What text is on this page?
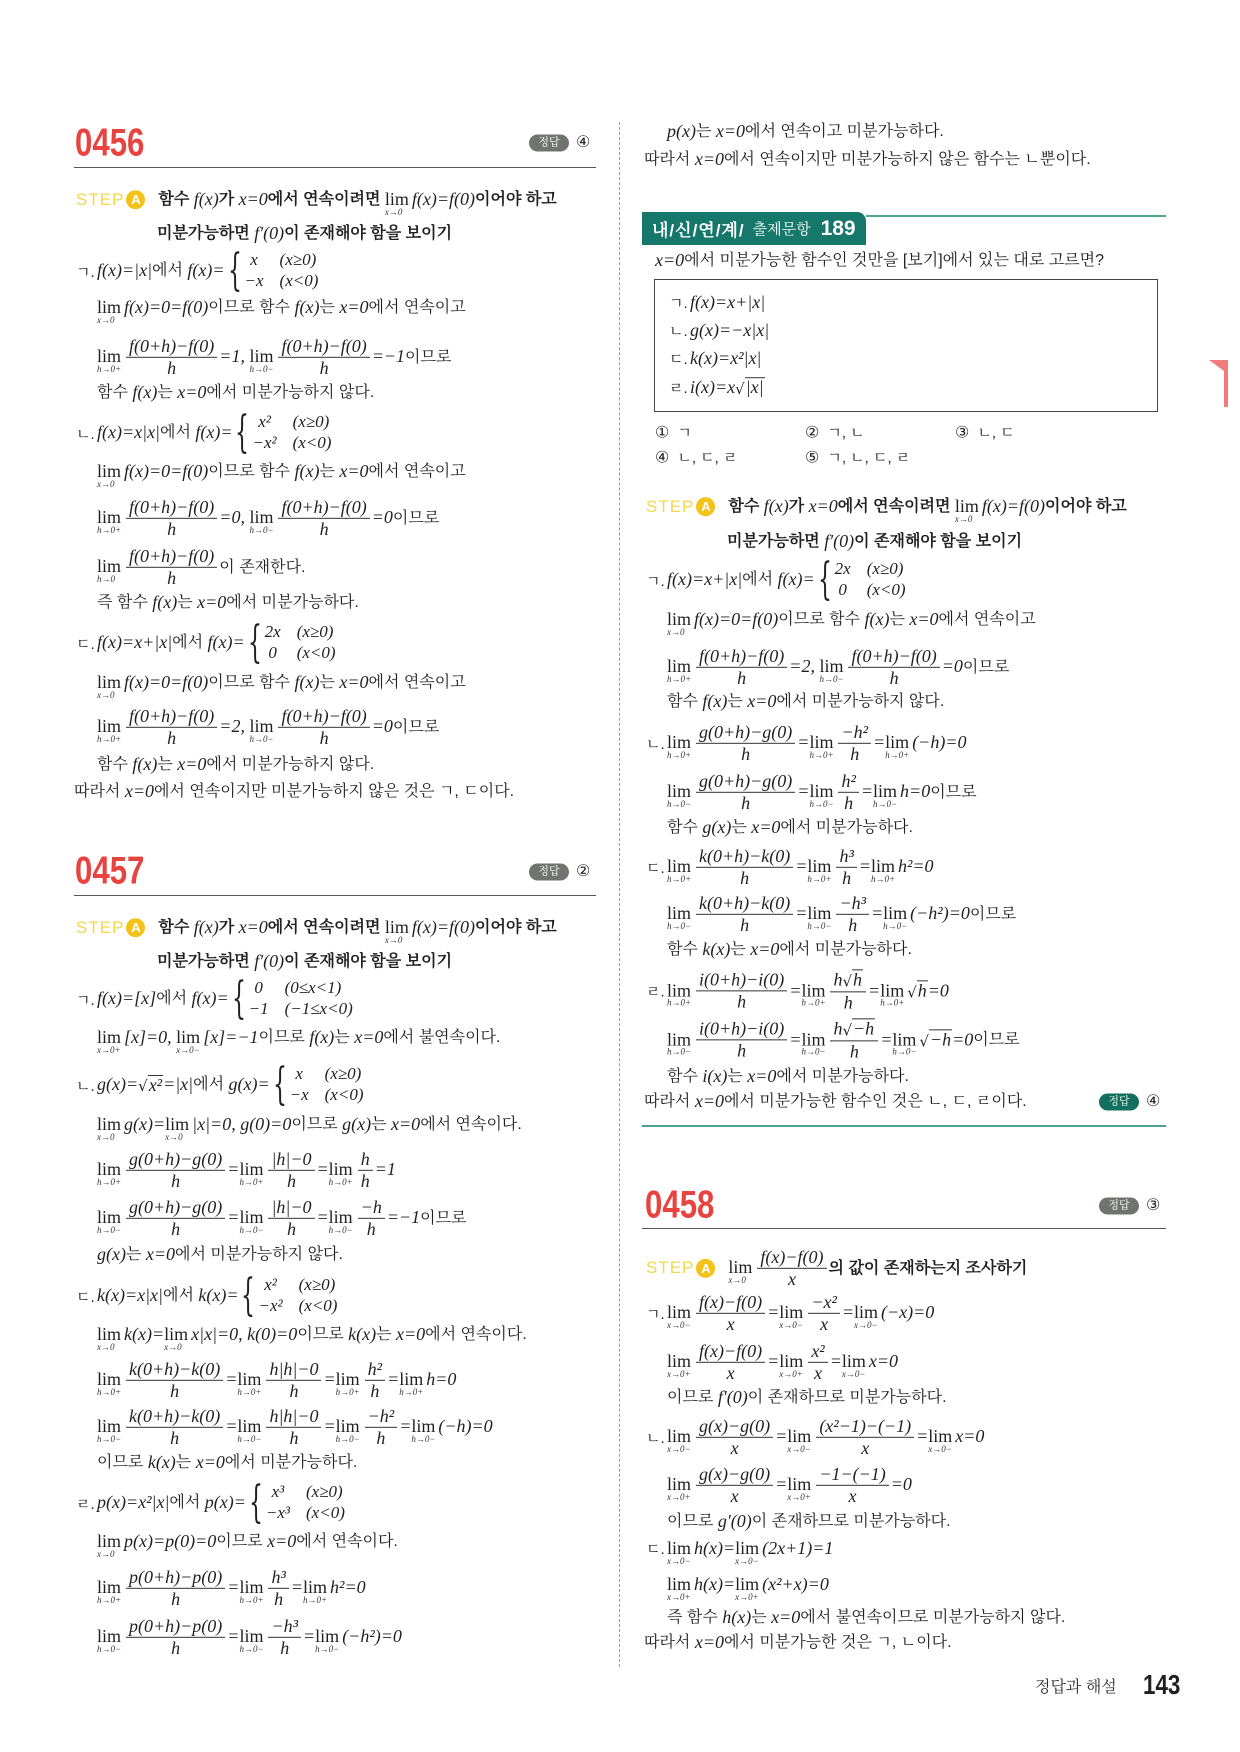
0456	정답	④
STEP A	함수 f(x) 가 x=0 에서 연속이려면 lim
x→0
f(x)=f(0) 이어야 하고
미분가능하면 f′(0) 이 존재해야 함을 보이기
ㄱ. f(x)=|x| 에서 f(x)= { x	(x≥0)
−x (x<0)
lim
x→0
f(x)=0=f(0) 이므로 함수 f(x) 는 x=0 에서 연속이고
lim
$h\to 0+ \frac{f(0+h)-f(0)}{h} =1$, lim
$h\to 0- \frac{f(0+h)-f(0)}{h} =-1$ 이므로
함수 f(x) 는 x=0 에서 미분가능하지 않다.
ㄴ. f(x)=x|x| 에서 f(x)= { x²	(x≥0)
−x² (x<0)
lim
x→0
f(x)=0=f(0) 이므로 함수 f(x) 는 x=0 에서 연속이고
lim
$h\to 0+ \frac{f(0+h)-f(0)}{h} =0$, lim
$h\to 0- \frac{f(0+h)-f(0)}{h} =0$ 이므로
lim
$h\to 0 \frac{f(0+h)-f(0)}{h}$ 이 존재한다.
즉 함수 f(x) 는 x=0 에서 미분가능하다.
ㄷ. f(x)=x+|x| 에서 f(x)= { 2x (x≥0)
0 (x<0)
lim
x→0
f(x)=0=f(0) 이므로 함수 f(x) 는 x=0 에서 연속이고
lim
$h\to 0+ \frac{f(0+h)-f(0)}{h} =2$, lim
$h\to 0- \frac{f(0+h)-f(0)}{h} =0$ 이므로
함수 f(x) 는 x=0 에서 미분가능하지 않다.
따라서 x=0 에서 연속이지만 미분가능하지 않은 것은 ㄱ, ㄷ이다.
0457	정답	②
STEP A	함수 f(x) 가 x=0 에서 연속이려면 lim
x→0
f(x)=f(0) 이어야 하고
미분가능하면 f′(0) 이 존재해야 함을 보이기
ㄱ. f(x)=[x] 에서 f(x)= { 0	(0≤x<1)
−1 (−1≤x<0)
lim
x→0+
[x]=0, lim
x→0−
[x]=−1 이므로 f(x) 는 x=0 에서 불연속이다.
ㄴ. g(x)= √ x² =|x| 에서 g(x)= { x	(x≥0)
−x (x<0)
lim
x→0
g(x)= lim
x→0
|x|=0, g(0)=0 이므로 g(x) 는 x=0 에서 연속이다.
lim
$h\to 0+ \frac{g(0+h)-g(0)}{h} = \lim$
$h\to 0+ \frac{|h|-0}{h} = \lim$
$h\to 0+ \frac{h}{h} =1$
lim
$h\to 0- \frac{g(0+h)-g(0)}{h} = \lim$
$h\to 0- \frac{|h|-0}{h} = \lim$
$h\to 0- \frac{-h}{h} =-1$ 이므로
g(x) 는 x=0 에서 미분가능하지 않다.
ㄷ. k(x)=x|x| 에서 k(x)= { x²	(x≥0)
−x² (x<0)
lim
x→0
k(x)= lim
x→0
x|x|=0, k(0)=0 이므로 k(x) 는 x=0 에서 연속이다.
lim
$h\to 0+ \frac{k(0+h)-k(0)}{h} = \lim$
$h\to 0+ \frac{h|h|-0}{h} = \lim$
$h\to 0+ \frac{\text{h²}}{h} = \lim$
h→0+
h=0
lim
$h\to 0- \frac{k(0+h)-k(0)}{h} = \lim$
$h\to 0- \frac{h|h|-0}{h} = \lim$
$h\to 0- \frac{\text{−h²}}{h} = \lim$
h→0−
(−h)=0
이므로 k(x) 는 x=0 에서 미분가능하다.
ㄹ. p(x)=x²|x| 에서 p(x)= { x³	(x≥0)
−x³ (x<0)
lim
x→0
p(x)=p(0)=0 이므로 x=0 에서 연속이다.
lim
$h\to 0+ \frac{p(0+h)-p(0)}{h} = \lim$
$h\to 0+ \frac{\text{h³}}{h} = \lim$
h→0+
h²=0
lim
$h\to 0- \frac{p(0+h)-p(0)}{h} = \lim$
$h\to 0- \frac{\text{−h³}}{h} = \lim$
h→0−
(−h²)=0
p(x) 는 x=0 에서 연속이고 미분가능하다.
따라서 x=0 에서 연속이지만 미분가능하지 않은 함수는 ㄴ뿐이다.
내/신/연/계/ 출제문항 189
x=0 에서 미분가능한 함수인 것만을 [보기]에서 있는 대로 고르면?
ㄱ. f(x)=x+|x|
ㄴ. g(x)=−x|x|
ㄷ. k(x)=x²|x|
ㄹ. i(x)=x √ |x|
① ㄱ	② ㄱ, ㄴ	③ ㄴ, ㄷ
④ ㄴ, ㄷ, ㄹ	⑤ ㄱ, ㄴ, ㄷ, ㄹ
STEP A	함수 f(x) 가 x=0 에서 연속이려면 lim
x→0
f(x)=f(0) 이어야 하고
미분가능하면 f′(0) 이 존재해야 함을 보이기
ㄱ. f(x)=x+|x| 에서 f(x)= { 2x (x≥0)
0 (x<0)
lim
x→0
f(x)=0=f(0) 이므로 함수 f(x) 는 x=0 에서 연속이고
lim
$h\to 0+ \frac{f(0+h)-f(0)}{h} =2$, lim
$h\to 0- \frac{f(0+h)-f(0)}{h} =0$ 이므로
함수 f(x) 는 x=0 에서 미분가능하지 않다.
ㄴ. lim
$h\to 0+ \frac{g(0+h)-g(0)}{h} = \lim$
$h\to 0+ \frac{\text{−h²}}{h} = \lim$
h→0+
(−h)=0
lim
$h\to 0- \frac{g(0+h)-g(0)}{h} = \lim$
$h\to 0- \frac{\text{h²}}{h} = \lim$
h→0−
h=0 이므로
함수 g(x) 는 x=0 에서 미분가능하다.
ㄷ. lim
$h\to 0+ \frac{k(0+h)-k(0)}{h} = \lim$
$h\to 0+ \frac{\text{h³}}{h} = \lim$
h→0+
h²=0
lim
$h\to 0- \frac{k(0+h)-k(0)}{h} = \lim$
$h\to 0- \frac{\text{−h³}}{h} = \lim$
h→0−
(−h²)=0 이므로
함수 k(x) 는 x=0 에서 미분가능하다.
ㄹ. lim
$h\to 0+ \frac{i(0+h)-i(0)}{h} = \lim$
$h\to 0+ \frac{h √ h}{h} = \lim$
h→0+
√ h =0
lim
$h\to 0- \frac{i(0+h)-i(0)}{h} = \lim$
$h\to 0- \frac{h √ -h}{h} = \lim$
h→0−
√ −h =0 이므로
함수 i(x) 는 x=0 에서 미분가능하다.
따라서 x=0 에서 미분가능한 함수인 것은 ㄴ, ㄷ, ㄹ이다.	정답	④
0458	정답	③
STEP A lim
$x\to 0 \frac{f(x)-f(0)}{x}$ 의 값이 존재하는지 조사하기
ㄱ. lim
$x\to 0- \frac{f(x)-f(0)}{x} = \lim$
$x\to 0- \frac{\text{−x²}}{x} = \lim$
x→0−
(−x)=0
lim
$x\to 0+ \frac{f(x)-f(0)}{x} = \lim$
$x\to 0+ \frac{\text{x²}}{x} = \lim$
x→0−
x=0
이므로 f′(0) 이 존재하므로 미분가능하다.
ㄴ. lim
$x\to 0- \frac{g(x)-g(0)}{x} = \lim$
$x\to 0- \frac{\text{(x²−1)−(−1)}}{x} = \lim$
x→0−
x=0
lim
$x\to 0+ \frac{g(x)-g(0)}{x} = \lim$
$x\to 0+ \frac{-1-(-1)}{x} =0$
이므로 g′(0) 이 존재하므로 미분가능하다.
ㄷ. lim
x→0−
h(x)= lim
x→0−
(2x+1)=1
lim
x→0+
h(x)= lim
x→0+
(x²+x)=0
즉 함수 h(x) 는 x=0 에서 불연속이므로 미분가능하지 않다.
따라서 x=0 에서 미분가능한 것은 ㄱ, ㄴ이다.
정답과 해설 143
